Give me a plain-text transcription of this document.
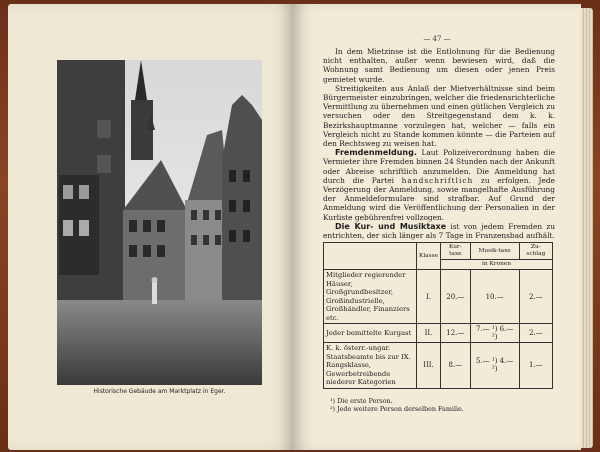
Historische Gebäude am Marktplatz in Eger.
— 47 —

In dem Mietzinse ist die Entlohnung für die Bedienung nicht enthalten, außer wenn bewiesen wird, daß die Wohnung samt Bedienung um diesen oder jenen Preis gemietet wurde.

Streitigkeiten aus Anlaß der Mietverhältnisse sind beim Bürgermeister einzubringen, welcher die friedensrichterliche Vermittlung zu übernehmen und einen gütlichen Vergleich zu versuchen oder den Streitgegenstand dem k. k. Bezirkshauptmanne vorzulegen hat, welcher — falls ein Vergleich nicht zu Stande kommen könnte — die Parteien auf den Rechtsweg zu weisen hat.

Fremdenmeldung. Laut Polizeiverordnung haben die Vermieter ihre Fremden binnen 24 Stunden nach der Ankunft oder Abreise schriftlich anzumelden. Die Anmeldung hat durch die Partei handschriftlich zu erfolgen. Jede Verzögerung der Anmeldung, sowie mangelhafte Ausführung der Anmeldeformulare sind strafbar. Auf Grund der Anmeldung wird die Veröffentlichung der Personalien in der Kurliste gebührenfrei vollzogen.

Die Kur- und Musiktaxe ist von jedem Fremden zu entrichten, der sich länger als 7 Tage in Franzensbad aufhält.

	Klasse	Kur-taxe	Musik-taxe	Zu-schlag
		in Kronen		
Mitglieder regierender Häuser, Großgrundbesitzer, Großindustrielle, Großhändler, Finanziers etc.	I.	20.—	10.—	2.—
Jeder bemittelte Kurgast	II.	12.—	7.— ¹) 6.— ²)	2.—
K. k. österr.-ungar. Staatsbeamte bis zur IX. Rangsklasse, Gewerbetreibende niederer Kategorien	III.	8.—	5.— ¹) 4.— ²)	1.—
¹) Die erste Person.
²) Jede weitere Person derselben Familie.
